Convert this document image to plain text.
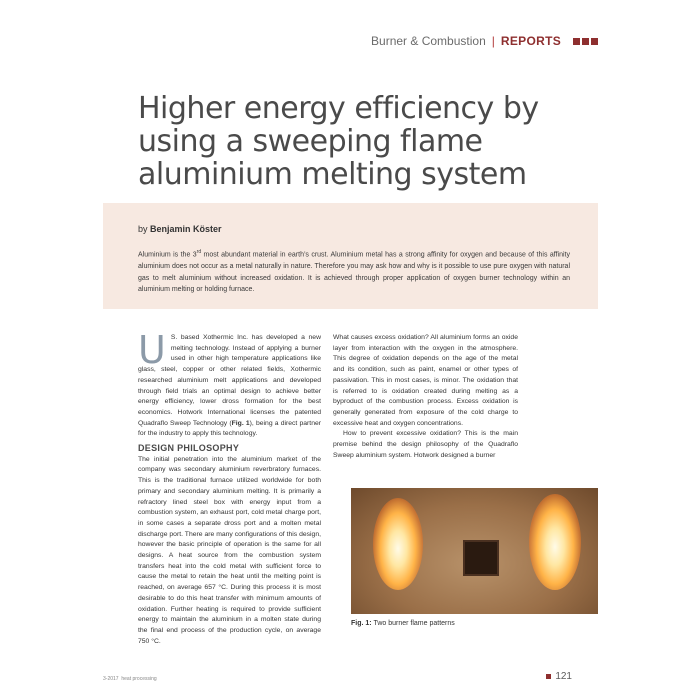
Burner & Combustion | REPORTS
Higher energy efficiency by using a sweeping flame aluminium melting system

by Benjamin Köster

Aluminium is the 3rd most abundant material in earth’s crust. Aluminium metal has a strong affinity for oxygen and because of this affinity aluminium does not occur as a metal naturally in nature. Therefore you may ask how and why is it possible to use pure oxygen with natural gas to melt aluminium without increased oxidation. It is achieved through proper application of oxygen burner technology within an aluminium melting or holding furnace.

U S. based Xothermic Inc. has developed a new melting technology. Instead of applying a burner used in other high temperature applications like glass, steel, copper or other related fields, Xothermic researched aluminium melt applications and developed through field trials an optimal design to achieve better energy efficiency, lower dross formation for the best economics. Hotwork International licenses the patented Quadraflo Sweep Technology (Fig. 1), being a direct partner for the industry to apply this technology.

DESIGN PHILOSOPHY

The initial penetration into the aluminium market of the company was secondary aluminium reverbratory furnaces. This is the traditional furnace utilized worldwide for both primary and secondary aluminium melting. It is primarily a refractory lined steel box with energy input from a combustion system, an exhaust port, cold metal charge port, in some cases a separate dross port and a molten metal discharge port. There are many configurations of this design, however the basic principle of operation is the same for all designs. A heat source from the combustion system transfers heat into the cold metal with sufficient force to cause the metal to retain the heat until the melting point is reached, on average 657 °C. During this process it is most desirable to do this heat transfer with minimum amounts of oxidation. Further heating is required to provide sufficient energy to maintain the aluminium in a molten state during the final end process of the production cycle, on average 750 °C.

What causes excess oxidation? All aluminium forms an oxide layer from interaction with the oxygen in the atmosphere. This degree of oxidation depends on the age of the metal and its condition, such as paint, enamel or other types of passivation. This in most cases, is minor. The oxidation that is referred to is oxidation created during melting as a byproduct of the combustion process. Excess oxidation is generally generated from exposure of the cold charge to excessive heat and oxygen concentrations.

How to prevent excessive oxidation? This is the main premise behind the design philosophy of the Quadraflo Sweep aluminium system. Hotwork designed a burner

Fig. 1: Two burner flame patterns

3-2017 heat processing	121
